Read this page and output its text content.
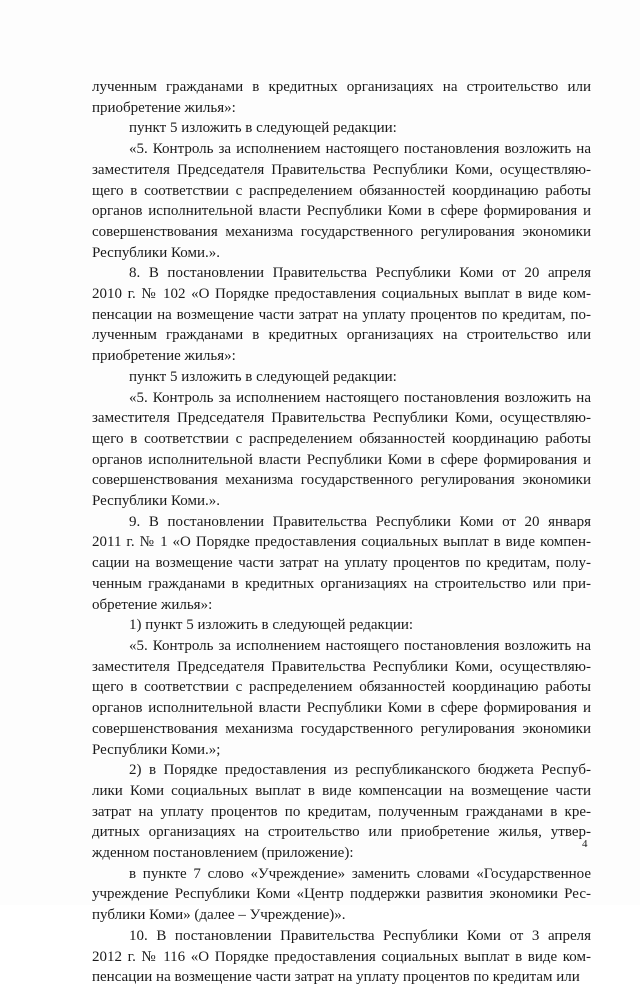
лученным гражданами в кредитных организациях на строительство или
приобретение жилья»:
пункт 5 изложить в следующей редакции:
«5. Контроль за исполнением настоящего постановления возложить на
заместителя Председателя Правительства Республики Коми, осуществляю-
щего в соответствии с распределением обязанностей координацию работы
органов исполнительной власти Республики Коми в сфере формирования и
совершенствования механизма государственного регулирования экономики
Республики Коми.».
8. В постановлении Правительства Республики Коми от 20 апреля
2010 г. № 102 «О Порядке предоставления социальных выплат в виде ком-
пенсации на возмещение части затрат на уплату процентов по кредитам, по-
лученным гражданами в кредитных организациях на строительство или
приобретение жилья»:
пункт 5 изложить в следующей редакции:
«5. Контроль за исполнением настоящего постановления возложить на
заместителя Председателя Правительства Республики Коми, осуществляю-
щего в соответствии с распределением обязанностей координацию работы
органов исполнительной власти Республики Коми в сфере формирования и
совершенствования механизма государственного регулирования экономики
Республики Коми.».
9. В постановлении Правительства Республики Коми от 20 января
2011 г. № 1 «О Порядке предоставления социальных выплат в виде компен-
сации на возмещение части затрат на уплату процентов по кредитам, полу-
ченным гражданами в кредитных организациях на строительство или при-
обретение жилья»:
1) пункт 5 изложить в следующей редакции:
«5. Контроль за исполнением настоящего постановления возложить на
заместителя Председателя Правительства Республики Коми, осуществляю-
щего в соответствии с распределением обязанностей координацию работы
органов исполнительной власти Республики Коми в сфере формирования и
совершенствования механизма государственного регулирования экономики
Республики Коми.»;
2) в Порядке предоставления из республиканского бюджета Респуб-
лики Коми социальных выплат в виде компенсации на возмещение части
затрат на уплату процентов по кредитам, полученным гражданами в кре-
дитных организациях на строительство или приобретение жилья, утвер-
жденном постановлением (приложение):
в пункте 7 слово «Учреждение» заменить словами «Государственное
учреждение Республики Коми «Центр поддержки развития экономики Рес-
публики Коми» (далее – Учреждение)».
10. В постановлении Правительства Республики Коми от 3 апреля
2012 г. № 116 «О Порядке предоставления социальных выплат в виде ком-
пенсации на возмещение части затрат на уплату процентов по кредитам или
4
